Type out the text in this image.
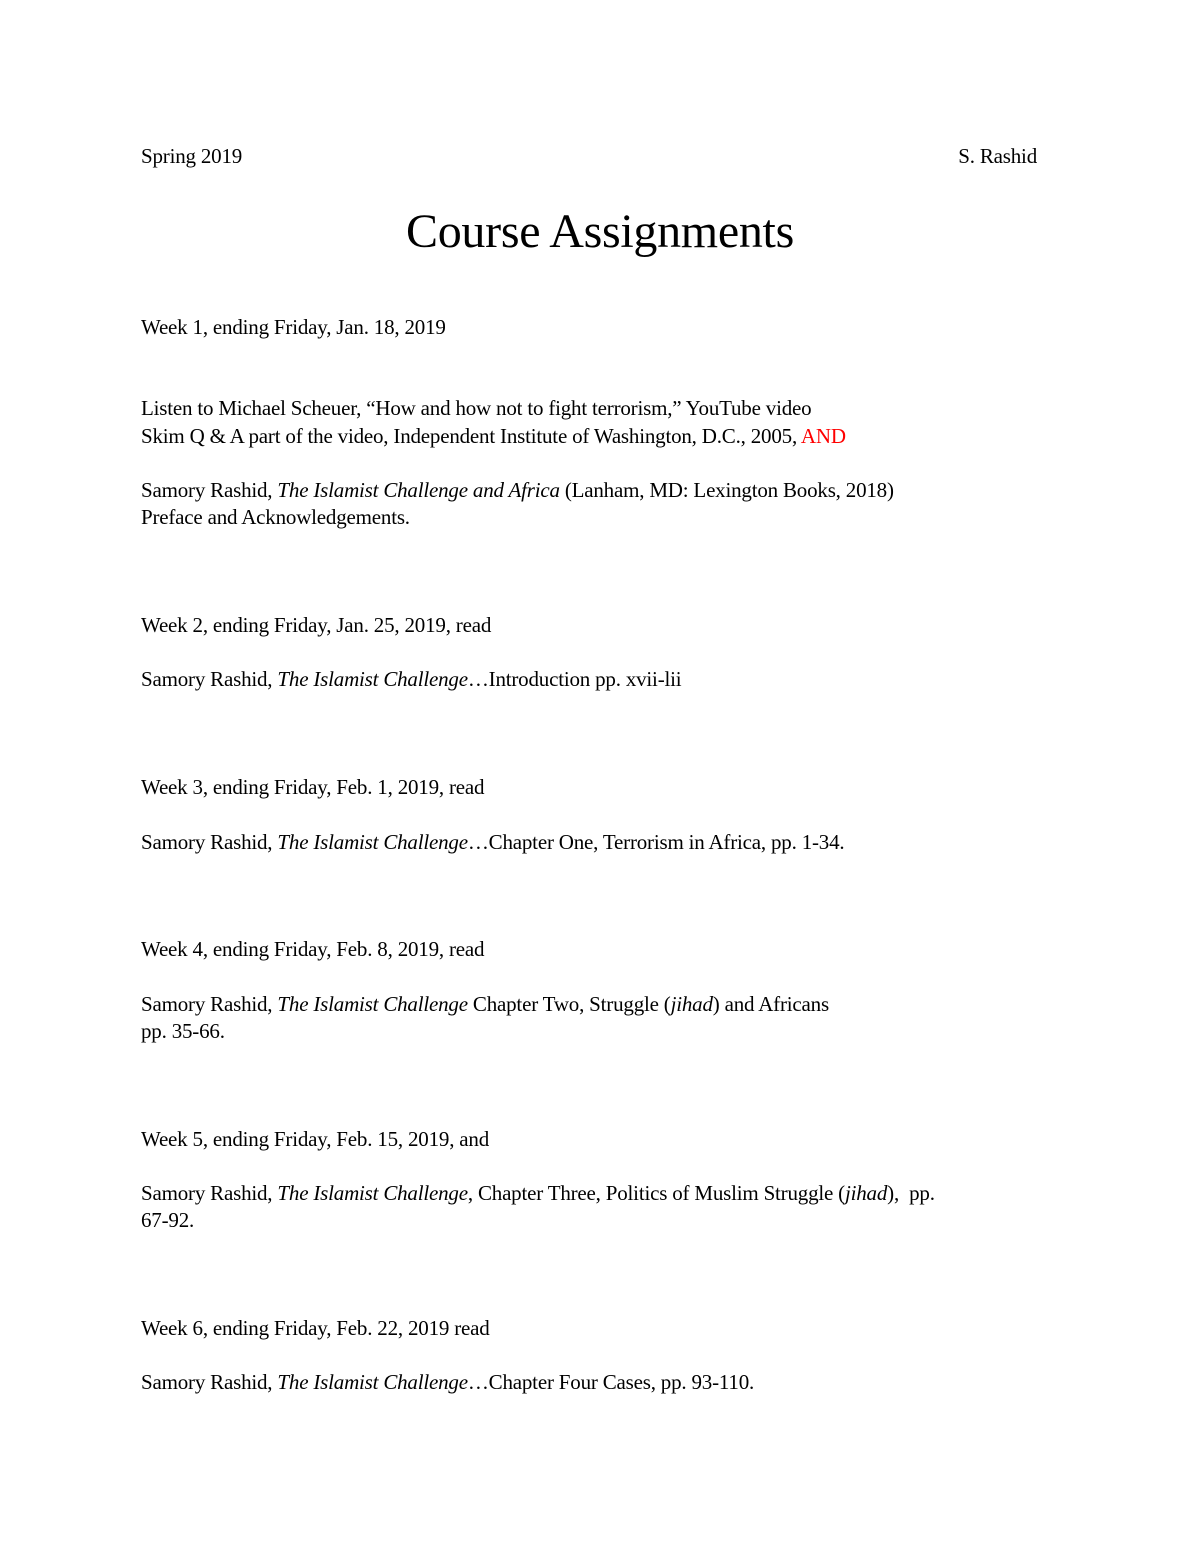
Spring 2019	S. Rashid
Course Assignments
Week 1, ending Friday, Jan. 18, 2019
Listen to Michael Scheuer, “How and how not to fight terrorism,” YouTube video
Skim Q & A part of the video, Independent Institute of Washington, D.C., 2005, AND
Samory Rashid, The Islamist Challenge and Africa (Lanham, MD: Lexington Books, 2018)
Preface and Acknowledgements.
Week 2, ending Friday, Jan. 25, 2019, read
Samory Rashid, The Islamist Challenge…Introduction pp. xvii-lii
Week 3, ending Friday, Feb. 1, 2019, read
Samory Rashid, The Islamist Challenge…Chapter One, Terrorism in Africa, pp. 1-34.
Week 4, ending Friday, Feb. 8, 2019, read
Samory Rashid, The Islamist Challenge Chapter Two, Struggle (jihad) and Africans
pp. 35-66.
Week 5, ending Friday, Feb. 15, 2019, and
Samory Rashid, The Islamist Challenge, Chapter Three, Politics of Muslim Struggle (jihad),  pp.
67-92.
Week 6, ending Friday, Feb. 22, 2019 read
Samory Rashid, The Islamist Challenge…Chapter Four Cases, pp. 93-110.
